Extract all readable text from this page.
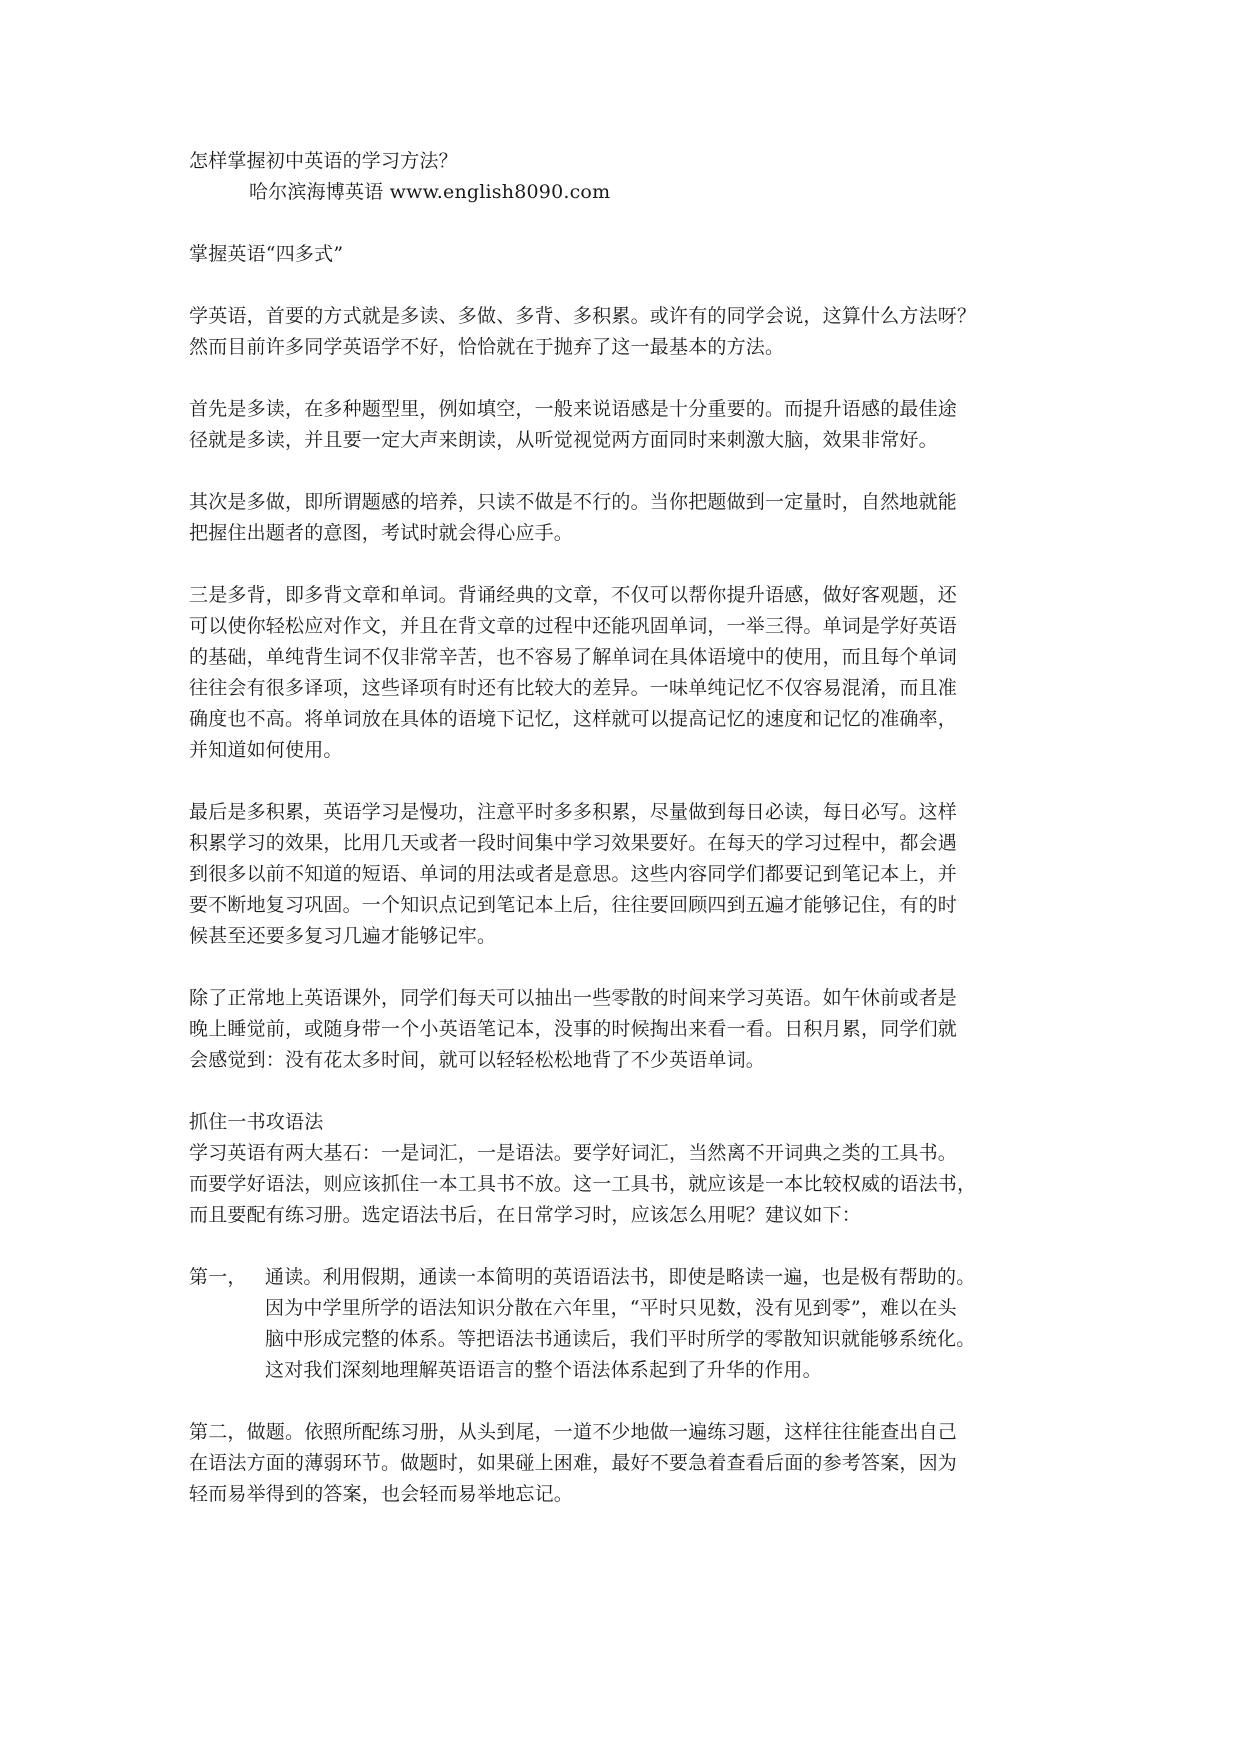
怎样掌握初中英语的学习方法？
哈尔滨海博英语 www.english8090.com
掌握英语“四多式”
学英语，首要的方式就是多读、多做、多背、多积累。或许有的同学会说，这算什么方法呀？
然而目前许多同学英语学不好，恰恰就在于抛弃了这一最基本的方法。
首先是多读，在多种题型里，例如填空，一般来说语感是十分重要的。而提升语感的最佳途
径就是多读，并且要一定大声来朗读，从听觉视觉两方面同时来刺激大脑，效果非常好。
其次是多做，即所谓题感的培养，只读不做是不行的。当你把题做到一定量时，自然地就能
把握住出题者的意图，考试时就会得心应手。
三是多背，即多背文章和单词。背诵经典的文章，不仅可以帮你提升语感，做好客观题，还
可以使你轻松应对作文，并且在背文章的过程中还能巩固单词，一举三得。单词是学好英语
的基础，单纯背生词不仅非常辛苦，也不容易了解单词在具体语境中的使用，而且每个单词
往往会有很多译项，这些译项有时还有比较大的差异。一味单纯记忆不仅容易混淆，而且准
确度也不高。将单词放在具体的语境下记忆，这样就可以提高记忆的速度和记忆的准确率，
并知道如何使用。
最后是多积累，英语学习是慢功，注意平时多多积累，尽量做到每日必读，每日必写。这样
积累学习的效果，比用几天或者一段时间集中学习效果要好。在每天的学习过程中，都会遇
到很多以前不知道的短语、单词的用法或者是意思。这些内容同学们都要记到笔记本上，并
要不断地复习巩固。一个知识点记到笔记本上后，往往要回顾四到五遍才能够记住，有的时
候甚至还要多复习几遍才能够记牢。
除了正常地上英语课外，同学们每天可以抽出一些零散的时间来学习英语。如午休前或者是
晚上睡觉前，或随身带一个小英语笔记本，没事的时候掏出来看一看。日积月累，同学们就
会感觉到：没有花太多时间，就可以轻轻松松地背了不少英语单词。
抓住一书攻语法
学习英语有两大基石：一是词汇，一是语法。要学好词汇，当然离不开词典之类的工具书。
而要学好语法，则应该抓住一本工具书不放。这一工具书，就应该是一本比较权威的语法书，
而且要配有练习册。选定语法书后，在日常学习时，应该怎么用呢？建议如下：
第一， 通读。利用假期，通读一本简明的英语语法书，即使是略读一遍，也是极有帮助的。
因为中学里所学的语法知识分散在六年里，“平时只见数，没有见到零”，难以在头
脑中形成完整的体系。等把语法书通读后，我们平时所学的零散知识就能够系统化。
这对我们深刻地理解英语语言的整个语法体系起到了升华的作用。
第二，做题。依照所配练习册，从头到尾，一道不少地做一遍练习题，这样往往能查出自己
在语法方面的薄弱环节。做题时，如果碰上困难，最好不要急着查看后面的参考答案，因为
轻而易举得到的答案，也会轻而易举地忘记。
